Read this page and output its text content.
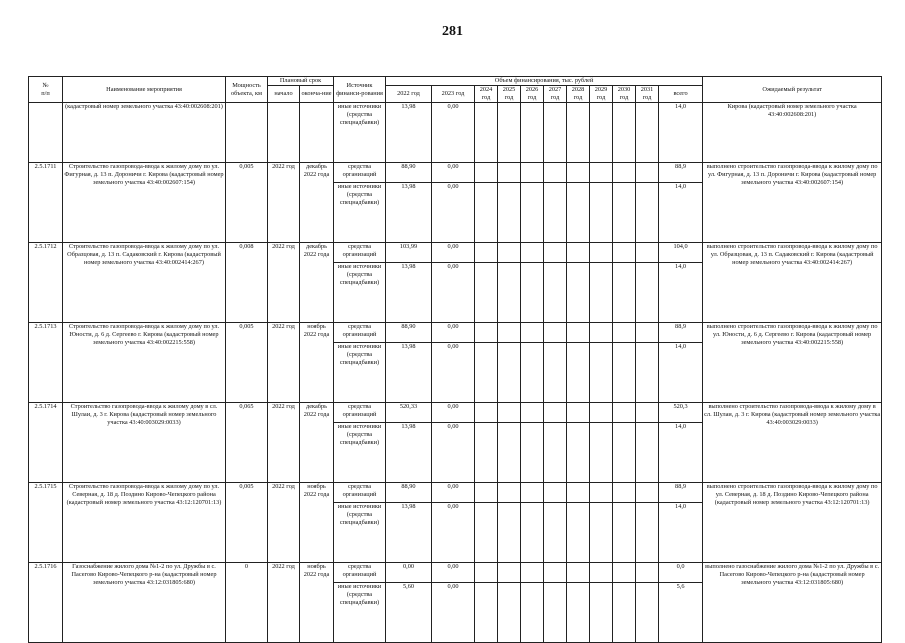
281
№
п/п	Наименование мероприятия	Мощность объекта, км	Плановый срок		Источник финанси-рования	Объем финансирования, тыс. рублей											Ожидаемый результат
			начало	оконча-ние		2022 год	2023 год	2024 год	2025 год	2026 год	2027 год	2028 год	2029 год	2030 год	2031 год	всего	

	(кадастровый номер земельного участка 43:40:002608:201)				иные источники (средства спецнадбавки)	13,98	0,00									14,0	Кирова (кадастровый номер земельного участка 43:40:002608:201)
2.5.1711	Строительство газопровода-ввода к жилому дому по ул. Фигурная, д. 13 п. Дороничи г. Кирова (кадастровый номер земельного участка 43:40:002607:154)	0,005	2022 год	декабрь 2022 года	средства организаций	88,90	0,00									88,9	выполнено строительство газопровода-ввода к жилому дому по ул. Фигурная, д. 13 п. Дороничи г. Кирова (кадастровый номер земельного участка 43:40:002607:154)
					иные источники (средства спецнадбавки)	13,98	0,00									14,0	
2.5.1712	Строительство газопровода-ввода к жилому дому по ул. Образцовая, д. 13 п. Садаковский г. Кирова (кадастровый номер земельного участка 43:40:002414:267)	0,008	2022 год	декабрь 2022 года	средства организаций	103,99	0,00									104,0	выполнено строительство газопровода-ввода к жилому дому по ул. Образцовая, д. 13 п. Садаковский г. Кирова (кадастровый номер земельного участка 43:40:002414:267)
					иные источники (средства спецнадбавки)	13,98	0,00									14,0	
2.5.1713	Строительство газопровода-ввода к жилому дому по ул. Юности, д. 6 д. Сергеево г. Кирова (кадастровый номер земельного участка 43:40:002215:558)	0,005	2022 год	ноябрь 2022 года	средства организаций	88,90	0,00									88,9	выполнено строительство газопровода-ввода к жилому дому по ул. Юности, д. 6 д. Сергеево г. Кирова (кадастровый номер земельного участка 43:40:002215:558)
					иные источники (средства спецнадбавки)	13,98	0,00									14,0	
2.5.1714	Строительство газопровода-ввода к жилому дому в сл. Шулаи, д. 3 г. Кирова (кадастровый номер земельного участка 43:40:003029:0033)	0,065	2022 год	декабрь 2022 года	средства организаций	520,33	0,00									520,3	выполнено строительство газопровода-ввода к жилому дому в сл. Шулаи, д. 3 г. Кирова (кадастровый номер земельного участка 43:40:003029:0033)
					иные источники (средства спецнадбавки)	13,98	0,00									14,0	
2.5.1715	Строительство газопровода-ввода к жилому дому по ул. Северная, д. 18 д. Поздино Кирово-Чепецкого района (кадастровый номер земельного участка 43:12:120701:13)	0,005	2022 год	ноябрь 2022 года	средства организаций	88,90	0,00									88,9	выполнено строительство газопровода-ввода к жилому дому по ул. Северная, д. 18 д. Поздино Кирово-Чепецкого района (кадастровый номер земельного участка 43:12:120701:13)
					иные источники (средства спецнадбавки)	13,98	0,00									14,0	
2.5.1716	Газоснабжение жилого дома №1-2 по ул. Дружбы в с. Пасегово Кирово-Чепецкого р-на (кадастровый номер земельного участка 43:12:031805:680)	0	2022 год	ноябрь 2022 года	средства организаций	0,00	0,00									0,0	выполнено газоснабжение жилого дома №1-2 по ул. Дружбы в с. Пасегово Кирово-Чепецкого р-на (кадастровый номер земельного участка 43:12:031805:680)
					иные источники (средства спецнадбавки)	5,60	0,00									5,6	
